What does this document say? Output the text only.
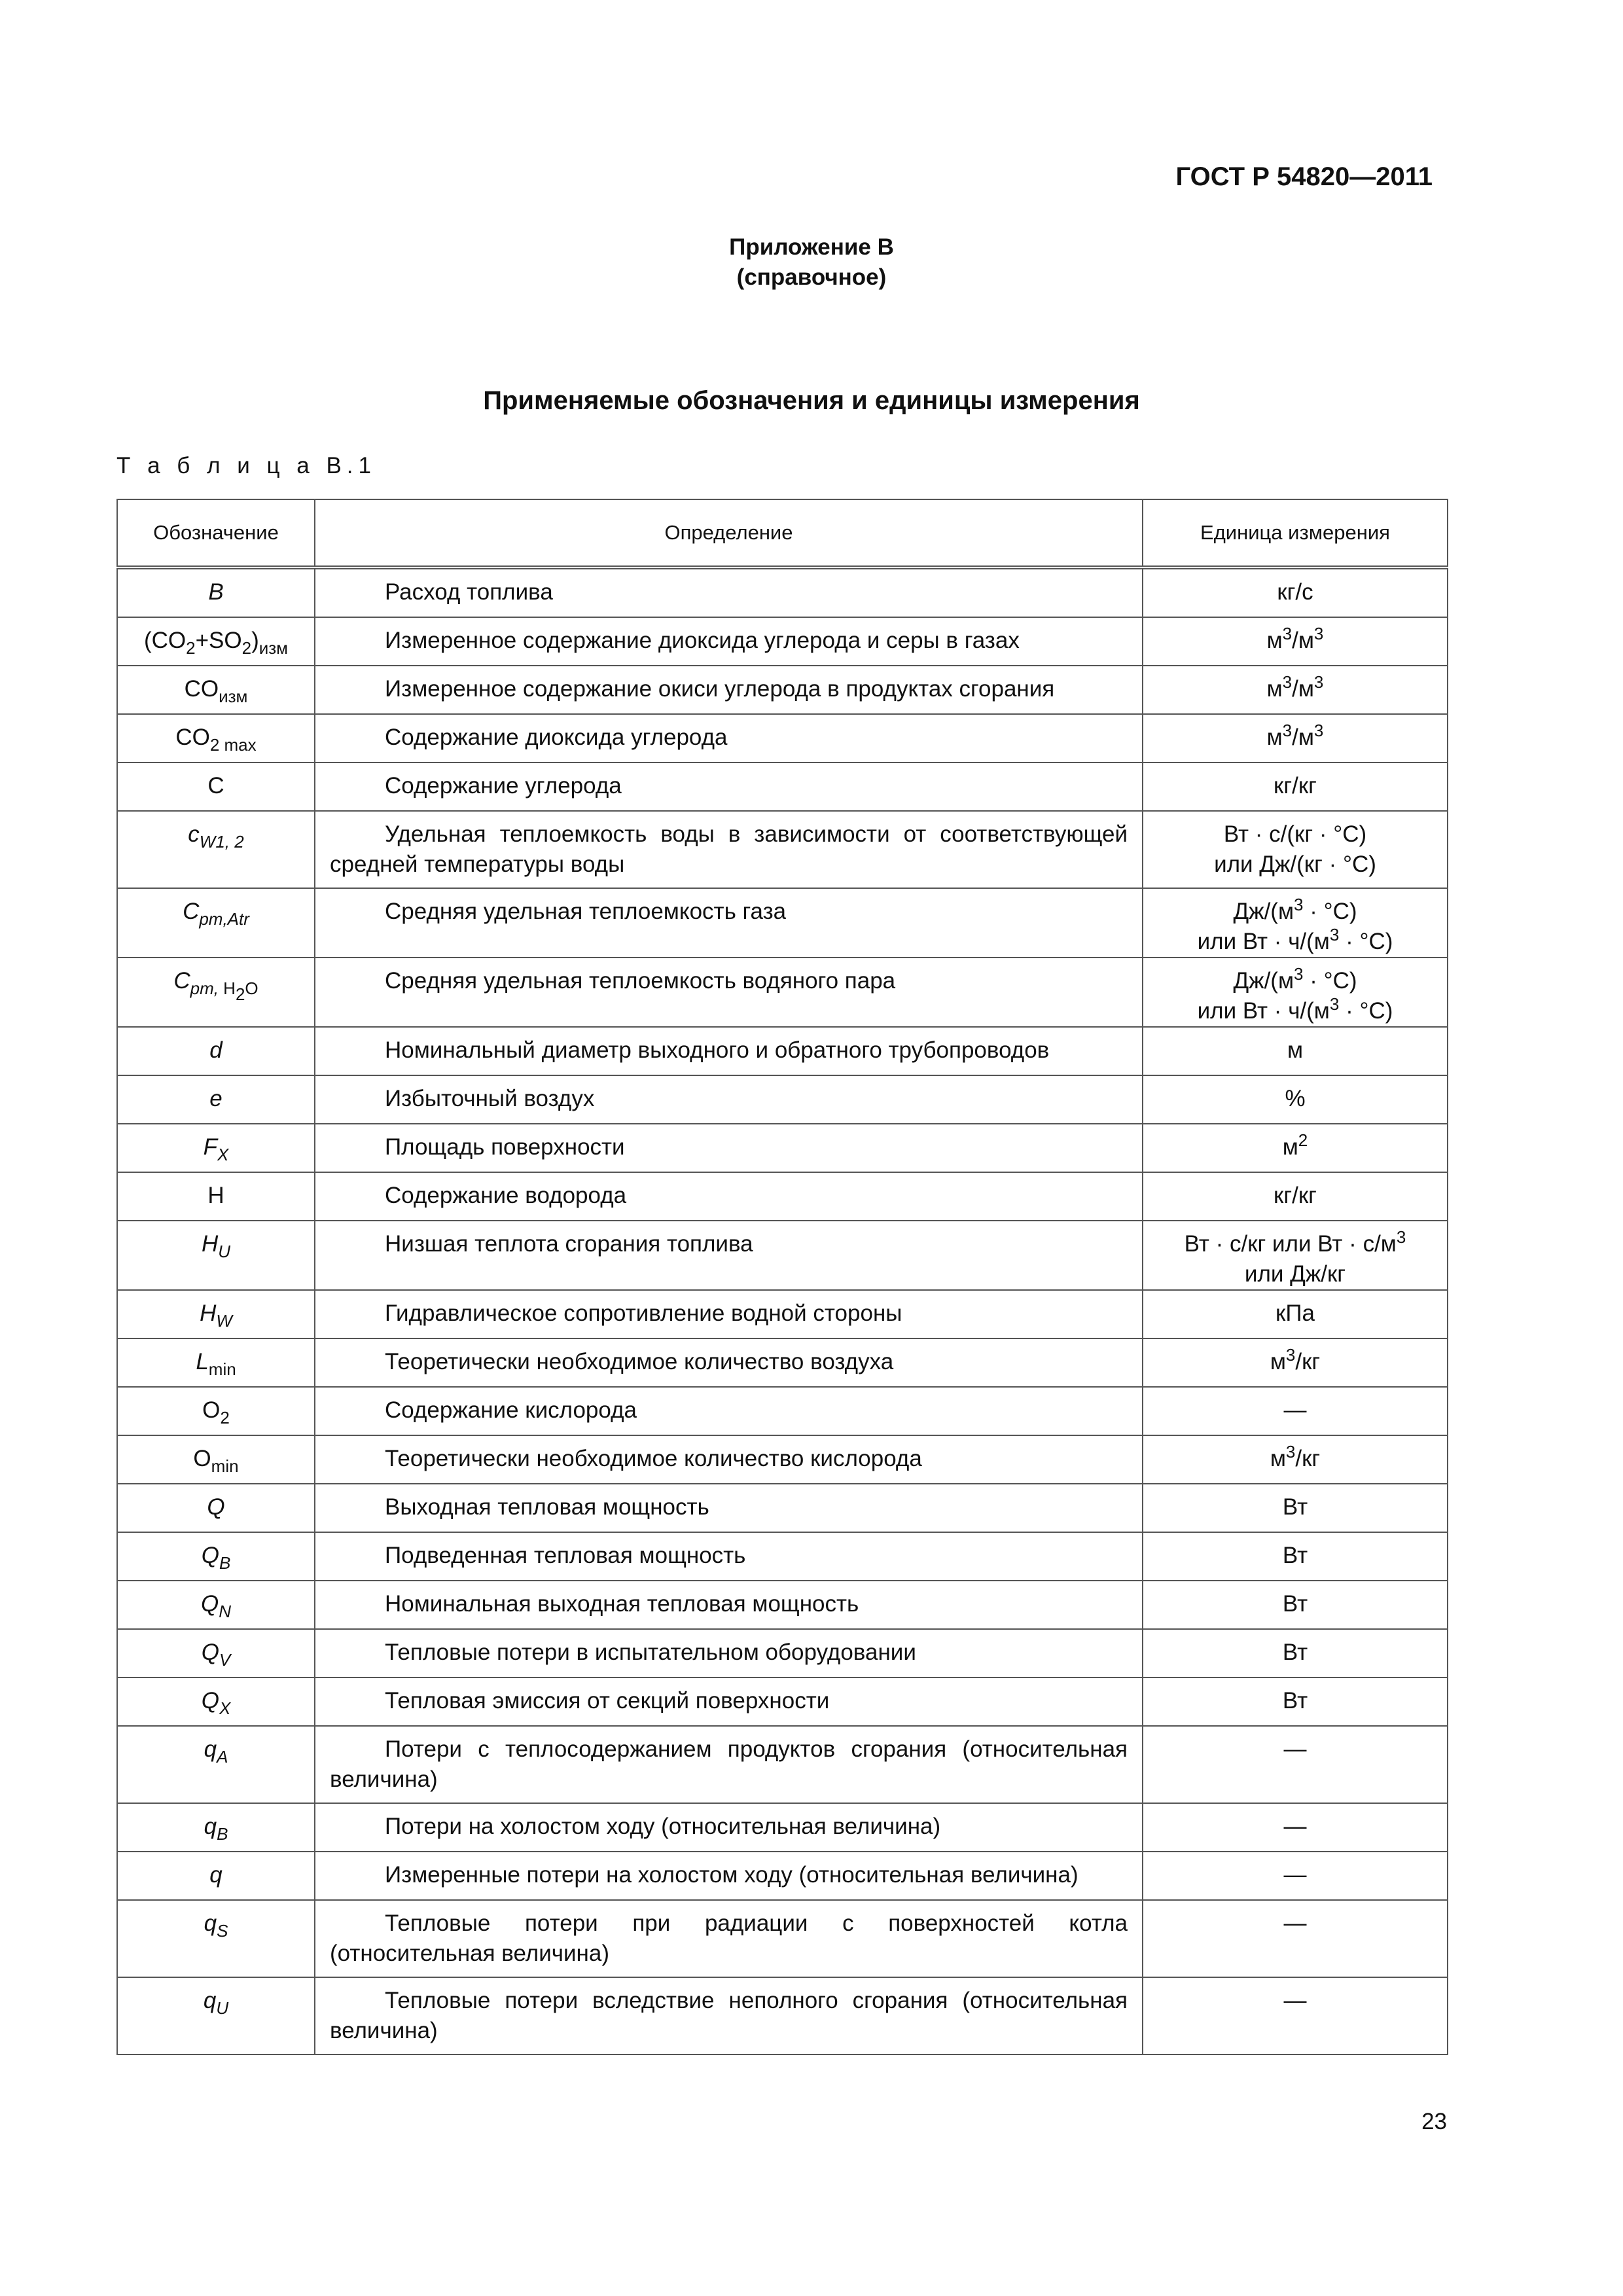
ГОСТ Р 54820—2011
Приложение В
(справочное)
Применяемые обозначения и единицы измерения
Т а б л и ц а В.1
Обозначение	Определение	Единица измерения
B	Расход топлива	кг/с
$(CO_2+SO_2)_{изм}$	Измеренное содержание диоксида углерода и серы в газах	$м^3/м^3$
$CO_{изм}$	Измеренное содержание окиси углерода в продуктах сгорания	$м^3/м^3$
$CO_{2 max}$	Содержание диоксида углерода	$м^3/м^3$
C	Содержание углерода	кг/кг
$c_{W1, 2}$	Удельная теплоемкость воды в зависимости от соответствующей средней температуры воды	Вт · с/(кг · °С)
или Дж/(кг · °С)
$C_{pm,Atr}$	Средняя удельная теплоемкость газа	$Дж/(м^3 \cdot ^\circ С)$
или Вт · $ч/(м^3 \cdot ^\circ С)$
$C_{pm, H_2O}$	Средняя удельная теплоемкость водяного пара	$Дж/(м^3 \cdot ^\circ С)$
или Вт · $ч/(м^3 \cdot ^\circ С)$
d	Номинальный диаметр выходного и обратного трубопроводов	м
e	Избыточный воздух	%
$F_X$	Площадь поверхности	$м^2$
H	Содержание водорода	кг/кг
$H_U$	Низшая теплота сгорания топлива	Вт · с/кг или Вт · $с/м^3$
или Дж/кг
$H_W$	Гидравлическое сопротивление водной стороны	кПа
$L_{min}$	Теоретически необходимое количество воздуха	$м^3/кг$
$O_2$	Содержание кислорода	—
$O_{min}$	Теоретически необходимое количество кислорода	$м^3/кг$
Q	Выходная тепловая мощность	Вт
$Q_B$	Подведенная тепловая мощность	Вт
$Q_N$	Номинальная выходная тепловая мощность	Вт
$Q_V$	Тепловые потери в испытательном оборудовании	Вт
$Q_X$	Тепловая эмиссия от секций поверхности	Вт
$q_A$	Потери с теплосодержанием продуктов сгорания (относительная величина)	—
$q_B$	Потери на холостом ходу (относительная величина)	—
q	Измеренные потери на холостом ходу (относительная величина)	—
$q_S$	Тепловые потери при радиации с поверхностей котла (относительная величина)	—
$q_U$	Тепловые потери вследствие неполного сгорания (относительная величина)	—
23
